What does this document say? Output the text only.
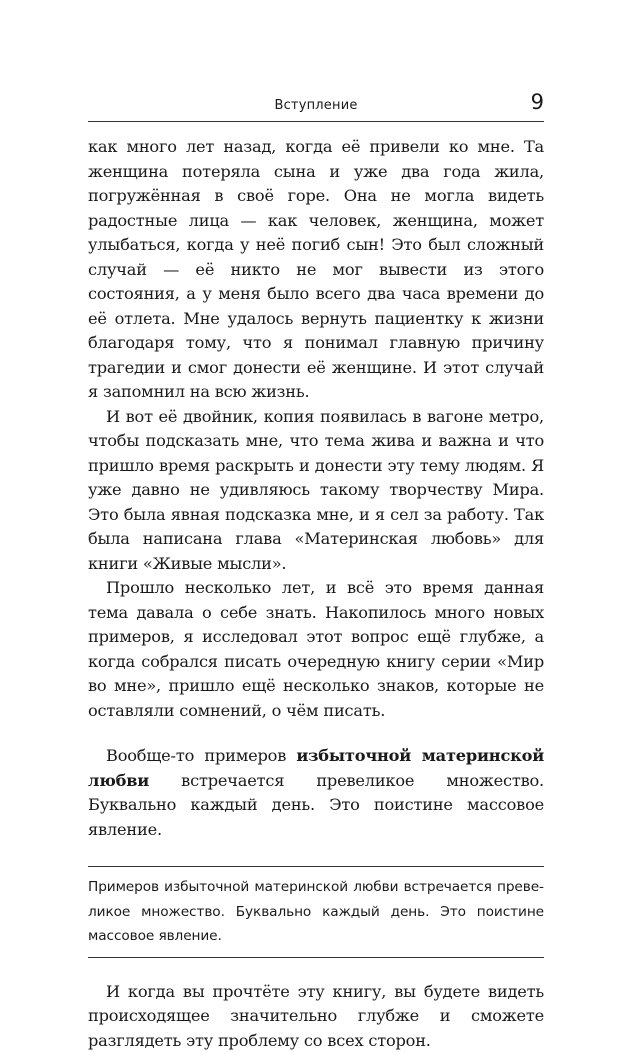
Вступление	9

как много лет назад, когда её привели ко мне. Та женщина потеряла сына и уже два года жила, погружённая в своё горе. Она не могла видеть радостные лица — как человек, женщина, может улыбаться, когда у неё погиб сын! Это был сложный случай — её никто не мог вывести из этого состояния, а у меня было всего два часа времени до её отлета. Мне удалось вернуть пациентку к жизни благодаря тому, что я понимал главную причину трагедии и смог донести её женщине. И этот случай я запомнил на всю жизнь.

И вот её двойник, копия появилась в вагоне метро, чтобы подсказать мне, что тема жива и важна и что пришло время раскрыть и донести эту тему людям. Я уже давно не удивляюсь такому творчеству Мира. Это была явная подсказка мне, и я сел за работу. Так была написана глава «Материнская любовь» для книги «Живые мысли».

Прошло несколько лет, и всё это время данная тема давала о себе знать. Накопилось много новых примеров, я исследовал этот вопрос ещё глубже, а когда собрался писать очередную книгу серии «Мир во мне», пришло ещё несколько знаков, которые не оставляли сомнений, о чём писать.

Вообще-то примеров избыточной материнской любви встречается превеликое множество. Буквально каждый день. Это поистине массовое явление.

Примеров избыточной материнской любви встречается превеликое множество. Буквально каждый день. Это поистине массовое явление.

И когда вы прочтёте эту книгу, вы будете видеть происходящее значительно глубже и сможете разглядеть эту проблему со всех сторон.
